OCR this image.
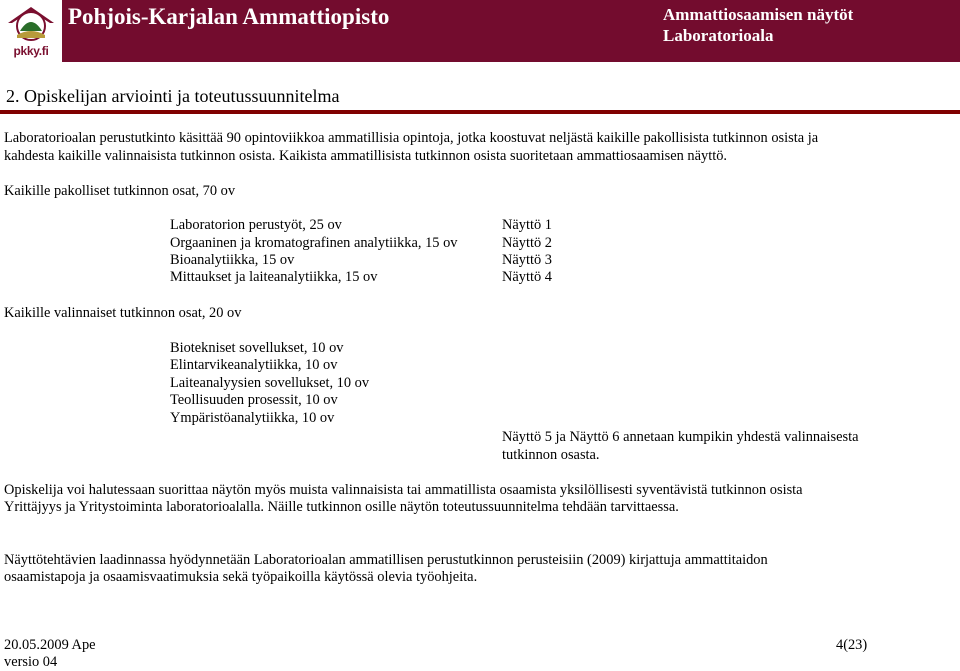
pkky.fi
Pohjois-Karjalan Ammattiopisto	Ammattiosaamisen näytöt
Laboratorioala
2. Opiskelijan arviointi ja toteutussuunnitelma
Laboratorioalan perustutkinto käsittää 90 opintoviikkoa ammatillisia opintoja, jotka koostuvat neljästä kaikille pakollisista tutkinnon osista ja
kahdesta kaikille valinnaisista tutkinnon osista. Kaikista ammatillisista tutkinnon osista suoritetaan ammattiosaamisen näyttö.
Kaikille pakolliset tutkinnon osat, 70 ov
Laboratorion perustyöt, 25 ov	Näyttö 1
Orgaaninen ja kromatografinen analytiikka, 15 ov	Näyttö 2
Bioanalytiikka, 15 ov	Näyttö 3
Mittaukset ja laiteanalytiikka, 15 ov	Näyttö 4
Kaikille valinnaiset tutkinnon osat, 20 ov
Biotekniset sovellukset, 10 ov
Elintarvikeanalytiikka, 10 ov
Laiteanalyysien sovellukset, 10 ov
Teollisuuden prosessit, 10 ov
Ympäristöanalytiikka, 10 ov
Näyttö 5 ja Näyttö 6 annetaan kumpikin yhdestä valinnaisesta
tutkinnon osasta.
Opiskelija voi halutessaan suorittaa näytön myös muista valinnaisista tai ammatillista osaamista yksilöllisesti syventävistä tutkinnon osista
Yrittäjyys ja Yritystoiminta laboratorioalalla. Näille tutkinnon osille näytön toteutussuunnitelma tehdään tarvittaessa.
Näyttötehtävien laadinnassa hyödynnetään Laboratorioalan ammatillisen perustutkinnon perusteisiin (2009) kirjattuja ammattitaidon
osaamistapoja ja osaamisvaatimuksia sekä työpaikoilla käytössä olevia työohjeita.
20.05.2009 Ape
versio 04
4(23)
